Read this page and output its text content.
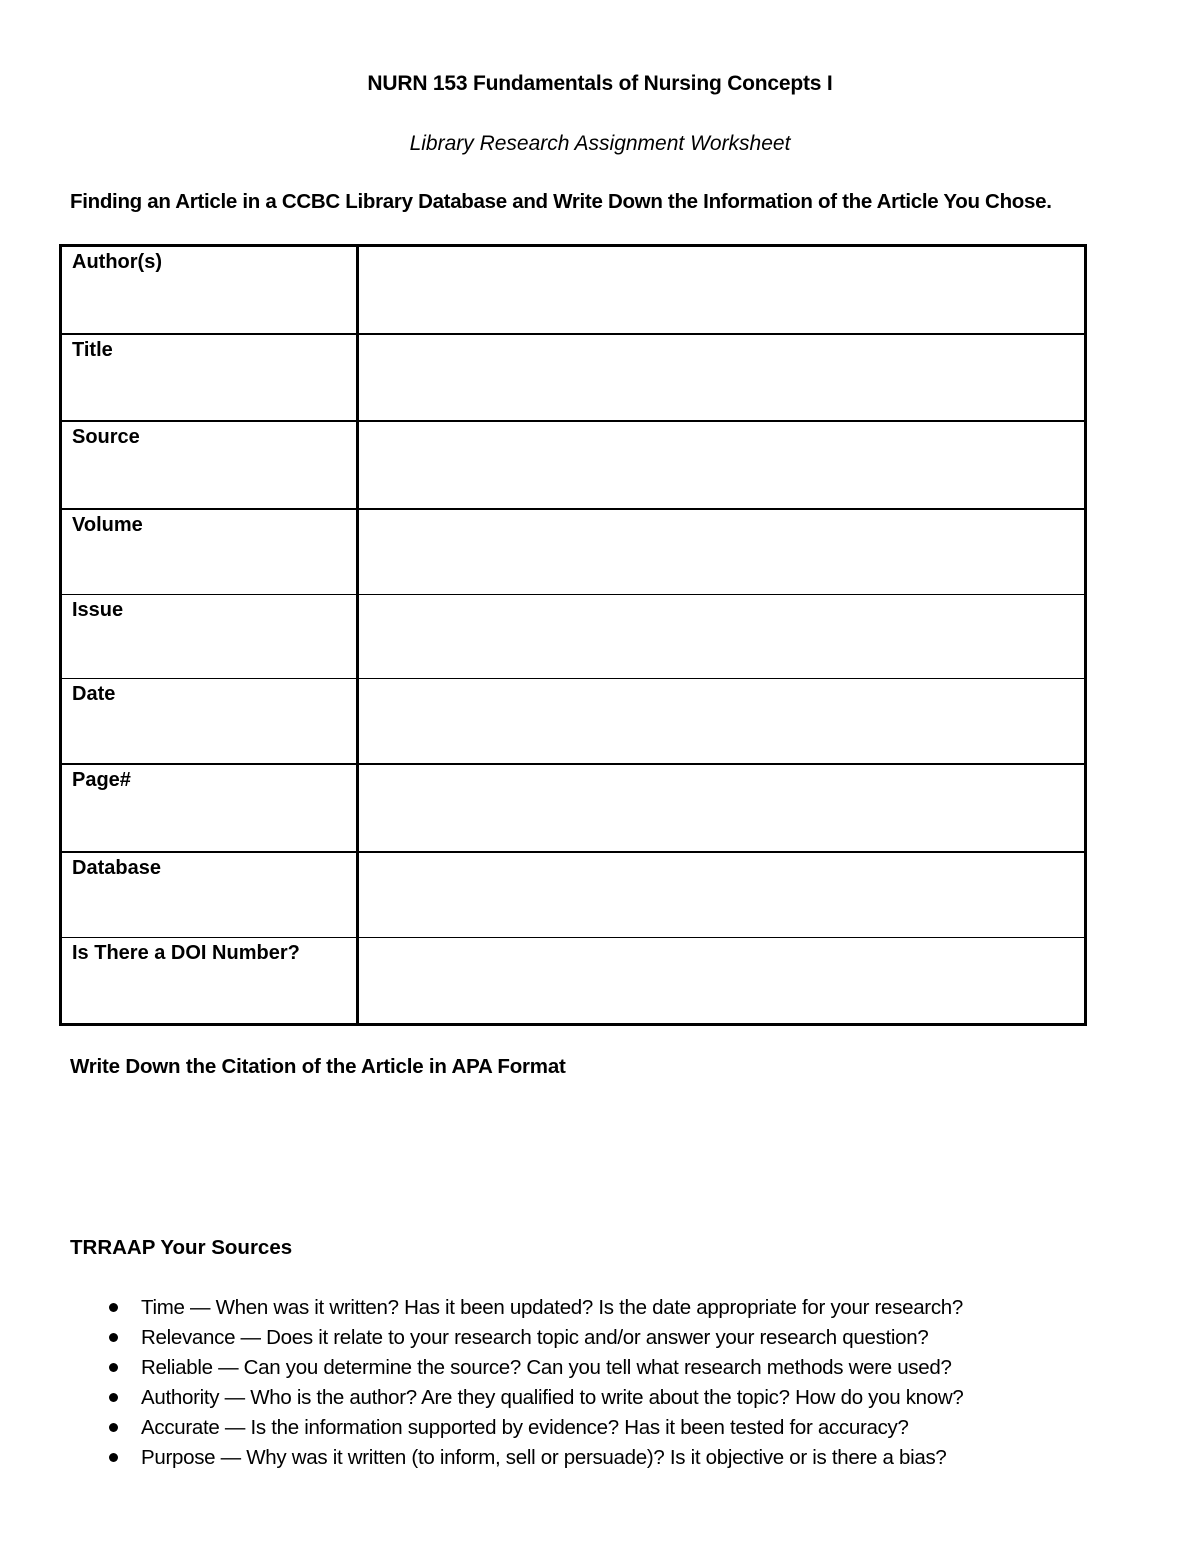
NURN 153 Fundamentals of Nursing Concepts I
Library Research Assignment Worksheet
Finding an Article in a CCBC Library Database and Write Down the Information of the Article You Chose.
Author(s)	
Title	
Source	
Volume	
Issue	
Date	
Page#	
Database	
Is There a DOI Number?	
Write Down the Citation of the Article in APA Format
TRRAAP Your Sources
Time — When was it written? Has it been updated? Is the date appropriate for your research?
Relevance — Does it relate to your research topic and/or answer your research question?
Reliable — Can you determine the source? Can you tell what research methods were used?
Authority — Who is the author? Are they qualified to write about the topic? How do you know?
Accurate — Is the information supported by evidence? Has it been tested for accuracy?
Purpose — Why was it written (to inform, sell or persuade)? Is it objective or is there a bias?
